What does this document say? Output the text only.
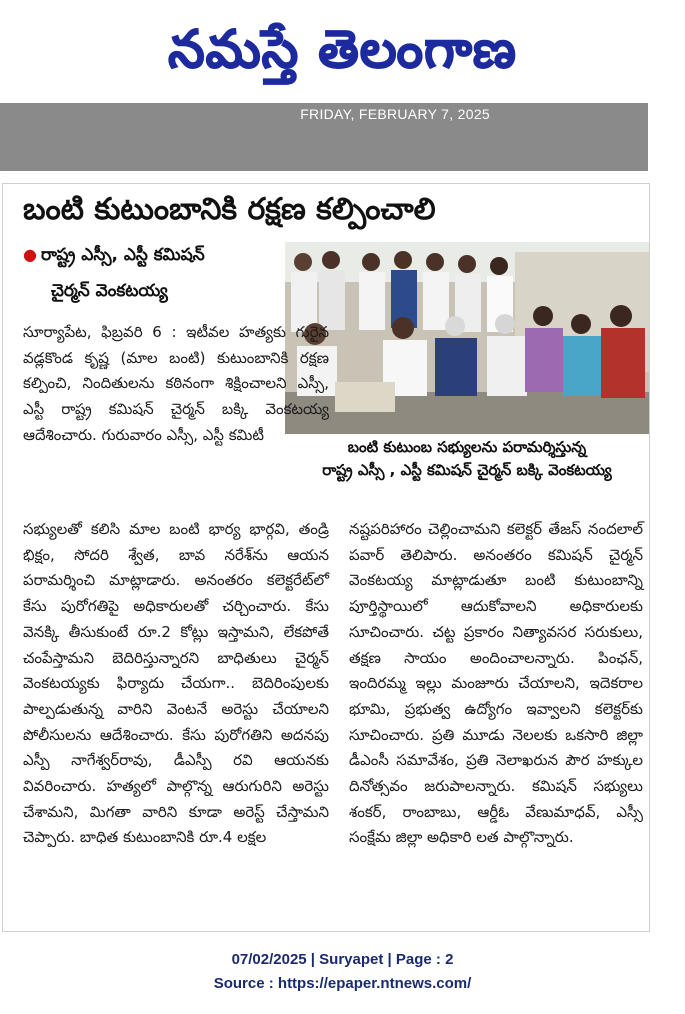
నమస్తే తెలంగాణ
FRIDAY, FEBRUARY 7, 2025
బంటి కుటుంబానికి రక్షణ కల్పించాలి
● రాష్ట్ర ఎస్సీ, ఎస్టీ కమిషన్
చైర్మన్ వెంకటయ్య
బంటి కుటుంబ సభ్యులను పరామర్శిస్తున్న
రాష్ట్ర ఎస్సీ , ఎస్టీ కమిషన్ చైర్మన్ బక్కి వెంకటయ్య

సూర్యాపేట, ఫిబ్రవరి 6 : ఇటీవల హత్యకు గురైన వడ్లకొండ కృష్ణ (మాల బంటి) కుటుంబానికి రక్షణ కల్పించి, నిందితులను కఠినంగా శిక్షించాలని ఎస్సీ, ఎస్టీ రాష్ట్ర కమిషన్ చైర్మన్ బక్కి వెంకటయ్య ఆదేశించారు. గురువారం ఎస్సీ, ఎస్టీ కమిటీ

సభ్యులతో కలిసి మాల బంటి భార్య భార్గవి, తండ్రి భిక్షం, సోదరి శ్వేత, బావ నరేశ్‌ను ఆయన పరామర్శించి మాట్లాడారు. అనంతరం కలెక్టరేట్‌లో కేసు పురోగతిపై అధికారులతో చర్చించారు. కేసు వెనక్కి తీసుకుంటే రూ.2 కోట్లు ఇస్తామని, లేకపోతే చంపేస్తామని బెదిరిస్తున్నారని బాధితులు చైర్మన్ వెంకటయ్యకు ఫిర్యాదు చేయగా.. బెదిరింపులకు పాల్పడుతున్న వారిని వెంటనే అరెస్టు చేయాలని పోలీసులను ఆదేశించారు. కేసు పురోగతిని అదనపు ఎస్పీ నాగేశ్వర్‌రావు, డీఎస్పీ రవి ఆయనకు వివరించారు. హత్యలో పాల్గొన్న ఆరుగురిని అరెస్టు చేశామని, మిగతా వారిని కూడా అరెస్ట్ చేస్తామని చెప్పారు. బాధిత కుటుంబానికి రూ.4 లక్షల

నష్టపరిహారం చెల్లించామని కలెక్టర్ తేజస్ నందలాల్ పవార్ తెలిపారు. అనంతరం కమిషన్ చైర్మన్ వెంకటయ్య మాట్లాడుతూ బంటి కుటుంబాన్ని పూర్తిస్థాయిలో ఆదుకోవాలని అధికారులకు సూచించారు. చట్ట ప్రకారం నిత్యావసర సరుకులు, తక్షణ సాయం అందించాలన్నారు. పింఛన్, ఇందిరమ్మ ఇల్లు మంజూరు చేయాలని, ఇదెకరాల భూమి, ప్రభుత్వ ఉద్యోగం ఇవ్వాలని కలెక్టర్‌కు సూచించారు. ప్రతి మూడు నెలలకు ఒకసారి జిల్లా డీఎంసీ సమావేశం, ప్రతి నెలాఖరున పౌర హక్కుల దినోత్సవం జరుపాలన్నారు. కమిషన్ సభ్యులు శంకర్, రాంబాబు, ఆర్డీఓ వేణుమాధవ్, ఎస్సీ సంక్షేమ జిల్లా అధికారి లత పాల్గొన్నారు.

07/02/2025 | Suryapet | Page : 2
Source : https://epaper.ntnews.com/
